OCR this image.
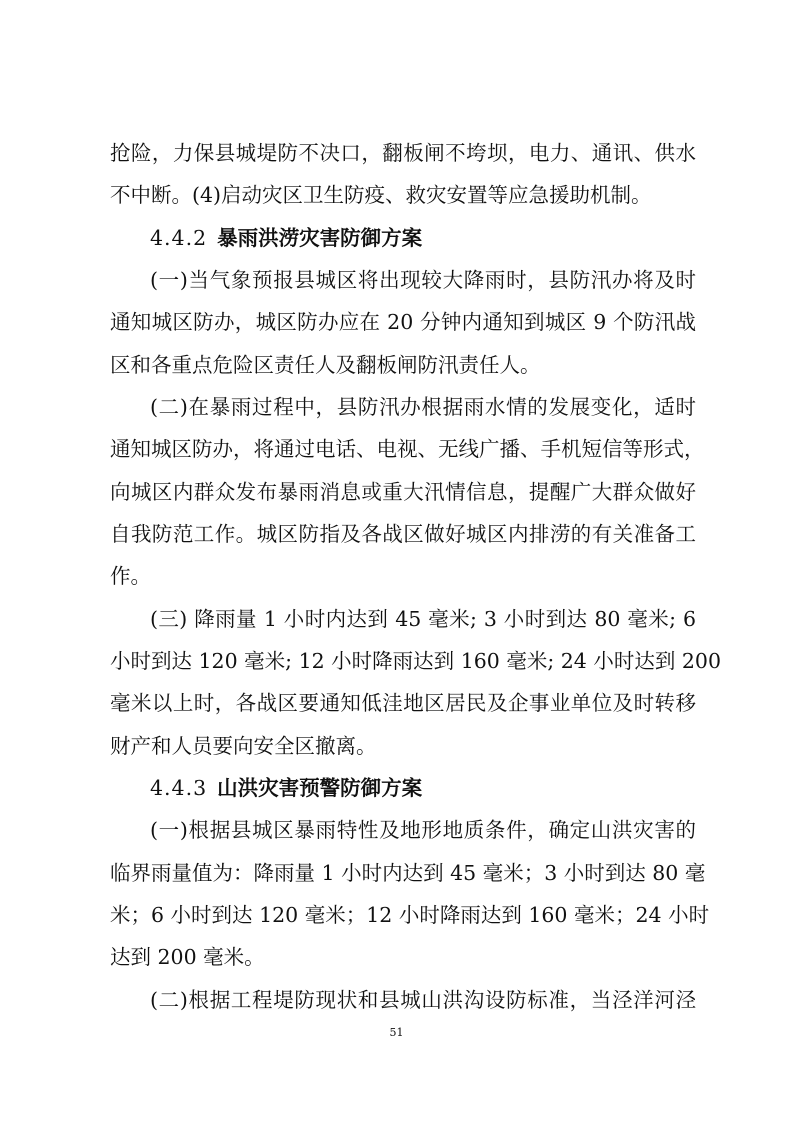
抢险，力保县城堤防不决口，翻板闸不垮坝，电力、通讯、供水
不中断。(4)启动灾区卫生防疫、救灾安置等应急援助机制。
4.4.2 暴雨洪涝灾害防御方案
(一)当气象预报县城区将出现较大降雨时，县防汛办将及时
通知城区防办，城区防办应在 20 分钟内通知到城区 9 个防汛战
区和各重点危险区责任人及翻板闸防汛责任人。
(二)在暴雨过程中，县防汛办根据雨水情的发展变化，适时
通知城区防办，将通过电话、电视、无线广播、手机短信等形式，
向城区内群众发布暴雨消息或重大汛情信息，提醒广大群众做好
自我防范工作。城区防指及各战区做好城区内排涝的有关准备工
作。
(三) 降雨量 1 小时内达到 45 毫米; 3 小时到达 80 毫米; 6
小时到达 120 毫米; 12 小时降雨达到 160 毫米; 24 小时达到 200
毫米以上时，各战区要通知低洼地区居民及企事业单位及时转移
财产和人员要向安全区撤离。
4.4.3 山洪灾害预警防御方案
(一)根据县城区暴雨特性及地形地质条件，确定山洪灾害的
临界雨量值为：降雨量 1 小时内达到 45 毫米；3 小时到达 80 毫
米；6 小时到达 120 毫米；12 小时降雨达到 160 毫米；24 小时
达到 200 毫米。
(二)根据工程堤防现状和县城山洪沟设防标准，当泾洋河泾
51
